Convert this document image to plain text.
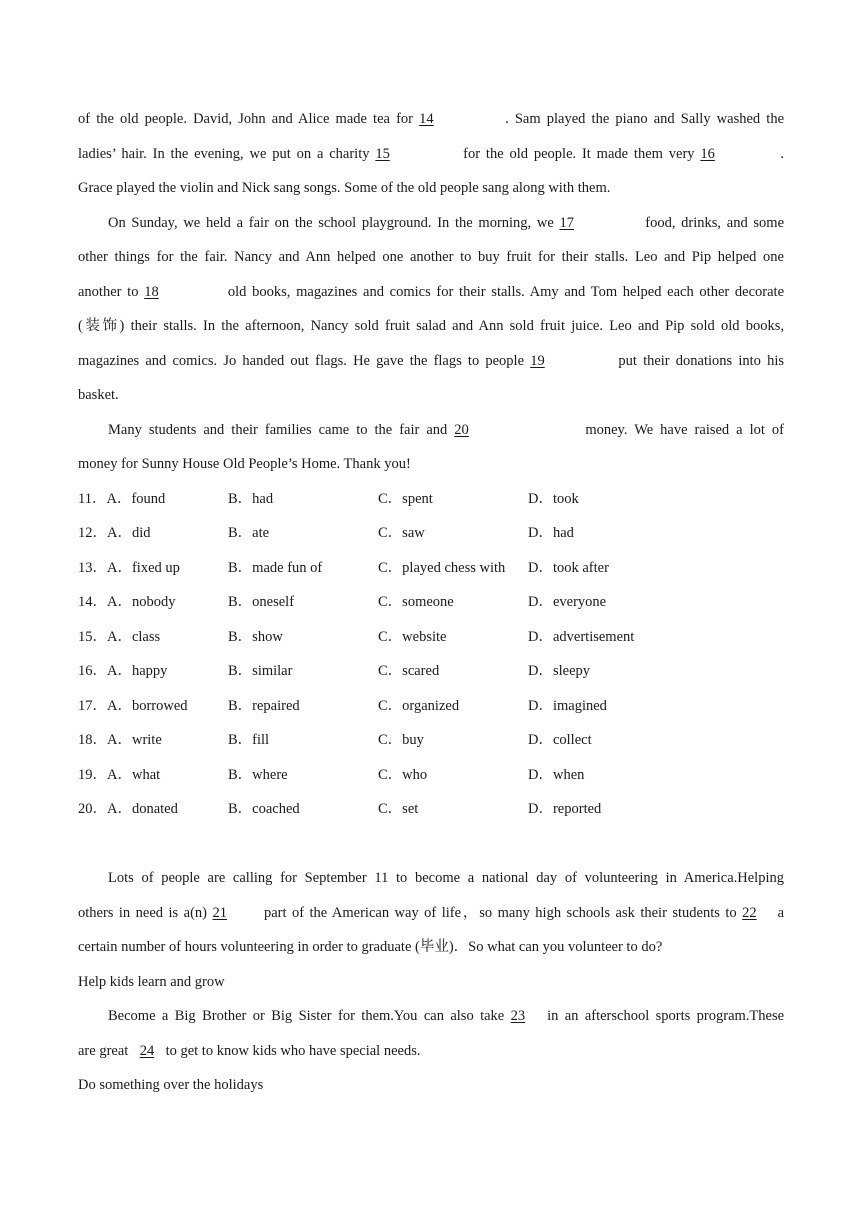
of the old people. David, John and Alice made tea for 14	. Sam played the piano and Sally washed the
ladies’ hair. In the evening, we put on a charity 15	for the old people. It made them very 16	.
Grace played the violin and Nick sang songs. Some of the old people sang along with them.
On Sunday, we held a fair on the school playground. In the morning, we 17	food, drinks, and some
other things for the fair. Nancy and Ann helped one another to buy fruit for their stalls. Leo and Pip helped one
another to 18	old books, magazines and comics for their stalls. Amy and Tom helped each other decorate
(装饰) their stalls. In the afternoon, Nancy sold fruit salad and Ann sold fruit juice. Leo and Pip sold old books,
magazines and comics. Jo handed out flags. He gave the flags to people 19	put their donations into his
basket.
Many students and their families came to the fair and 20	money. We have raised a lot of
money for Sunny House Old People’s Home. Thank you!
11．A．found	B．had	C．spent	D．took
12．A．did	B．ate	C．saw	D．had
13．A．fixed up	B．made fun of	C．played chess with	D．took after
14．A．nobody	B．oneself	C．someone	D．everyone
15．A．class	B．show	C．website	D．advertisement
16．A．happy	B．similar	C．scared	D．sleepy
17．A．borrowed	B．repaired	C．organized	D．imagined
18．A．write	B．fill	C．buy	D．collect
19．A．what	B．where	C．who	D．when
20．A．donated	B．coached	C．set	D．reported
Lots of people are calling for September 11 to become a national day of volunteering in America.Helping
others in need is a(n) 21	part of the American way of life，so many high schools ask their students to 22 a
certain number of hours volunteering in order to graduate (毕业)．So what can you volunteer to do?
Help kids learn and grow
Become a Big Brother or Big Sister for them.You can also take 23 in an afterschool sports program.These
are great 24 to get to know kids who have special needs.
Do something over the holidays
